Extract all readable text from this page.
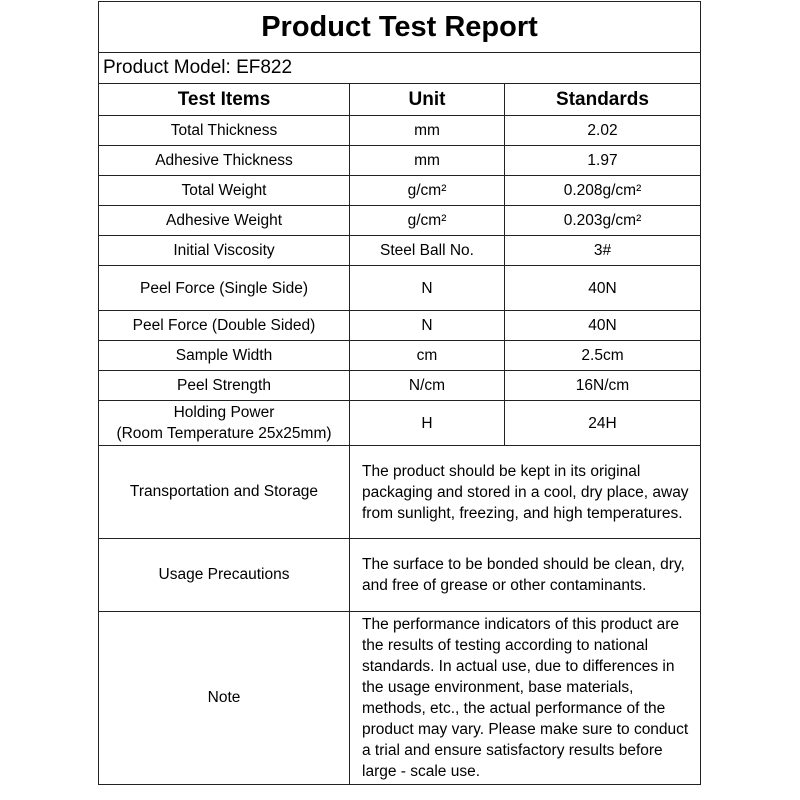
Product Test Report		
Product Model: EF822		
Test Items	Unit	Standards
Total Thickness	mm	2.02
Adhesive Thickness	mm	1.97
Total Weight	g/cm²	0.208g/cm²
Adhesive Weight	g/cm²	0.203g/cm²
Initial Viscosity	Steel Ball No.	3#
Peel Force (Single Side)	N	40N
Peel Force (Double Sided)	N	40N
Sample Width	cm	2.5cm
Peel Strength	N/cm	16N/cm

Holding Power
(Room Temperature 25x25mm)	H	24H
Transportation and Storage	The product should be kept in its original packaging and stored in a cool, dry place, away from sunlight, freezing, and high temperatures.	
Usage Precautions	The surface to be bonded should be clean, dry, and free of grease or other contaminants.	
Note	The performance indicators of this product are the results of testing according to national standards. In actual use, due to differences in the usage environment, base materials, methods, etc., the actual performance of the product may vary. Please make sure to conduct a trial and ensure satisfactory results before large - scale use.	
